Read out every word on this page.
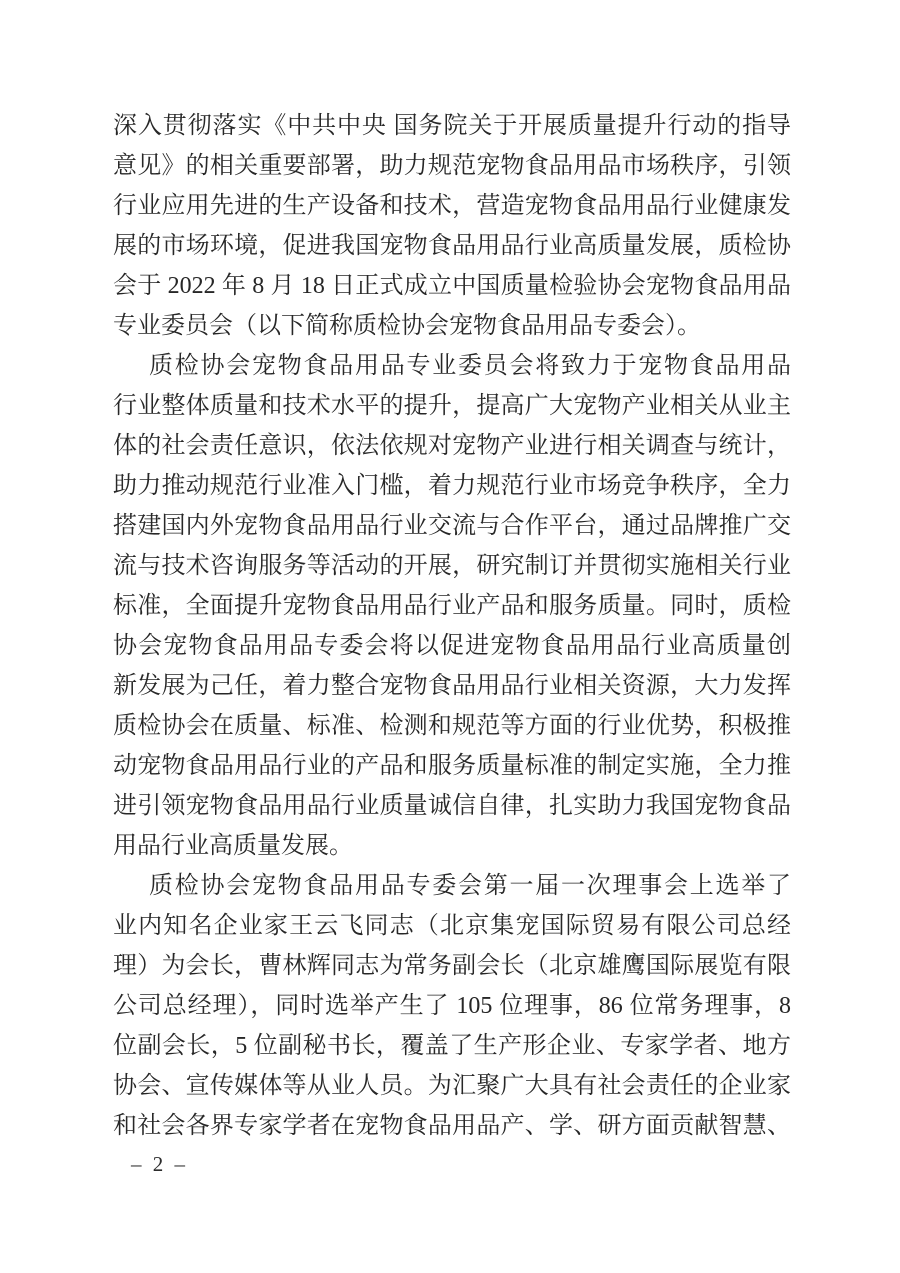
深入贯彻落实《中共中央 国务院关于开展质量提升行动的指导
意见》的相关重要部署，助力规范宠物食品用品市场秩序，引领
行业应用先进的生产设备和技术，营造宠物食品用品行业健康发
展的市场环境，促进我国宠物食品用品行业高质量发展，质检协
会于 2022 年 8 月 18 日正式成立中国质量检验协会宠物食品用品
专业委员会（以下简称质检协会宠物食品用品专委会）。
质检协会宠物食品用品专业委员会将致力于宠物食品用品
行业整体质量和技术水平的提升，提高广大宠物产业相关从业主
体的社会责任意识，依法依规对宠物产业进行相关调查与统计，
助力推动规范行业准入门槛，着力规范行业市场竞争秩序，全力
搭建国内外宠物食品用品行业交流与合作平台，通过品牌推广交
流与技术咨询服务等活动的开展，研究制订并贯彻实施相关行业
标准，全面提升宠物食品用品行业产品和服务质量。同时，质检
协会宠物食品用品专委会将以促进宠物食品用品行业高质量创
新发展为己任，着力整合宠物食品用品行业相关资源，大力发挥
质检协会在质量、标准、检测和规范等方面的行业优势，积极推
动宠物食品用品行业的产品和服务质量标准的制定实施，全力推
进引领宠物食品用品行业质量诚信自律，扎实助力我国宠物食品
用品行业高质量发展。
质检协会宠物食品用品专委会第一届一次理事会上选举了
业内知名企业家王云飞同志（北京集宠国际贸易有限公司总经
理）为会长，曹林辉同志为常务副会长（北京雄鹰国际展览有限
公司总经理），同时选举产生了 105 位理事，86 位常务理事，8
位副会长，5 位副秘书长，覆盖了生产形企业、专家学者、地方
协会、宣传媒体等从业人员。为汇聚广大具有社会责任的企业家
和社会各界专家学者在宠物食品用品产、学、研方面贡献智慧、
– 2 –
